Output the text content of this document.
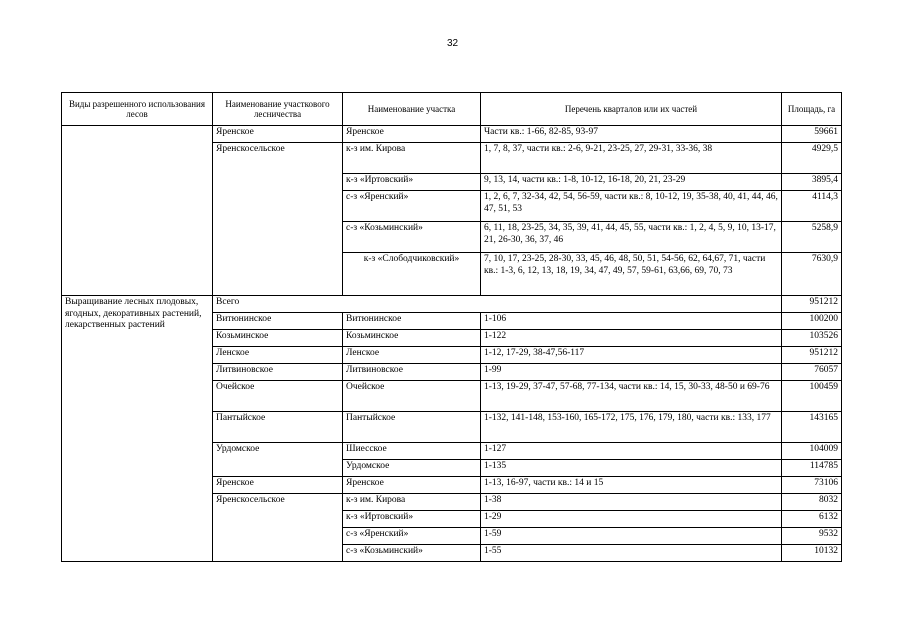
32
Виды разрешенного использования лесов	Наименование участкового лесничества	Наименование участка	Перечень кварталов или их частей	Площадь, га
	Яренское	Яренское	Части кв.: 1-66, 82-85, 93-97	59661
	Яренскосельское	к-з им. Кирова	1, 7, 8, 37, части кв.: 2-6, 9-21, 23-25, 27, 29-31, 33-36, 38	4929,5
		к-з «Иртовский»	9, 13, 14, части кв.: 1-8, 10-12, 16-18, 20, 21, 23-29	3895,4
		с-з «Яренский»	1, 2, 6, 7, 32-34, 42, 54, 56-59, части кв.: 8, 10-12, 19, 35-38, 40, 41, 44, 46, 47, 51, 53	4114,3
		с-з «Козьминский»	6, 11, 18, 23-25, 34, 35, 39, 41, 44, 45, 55, части кв.: 1, 2, 4, 5, 9, 10, 13-17, 21, 26-30, 36, 37, 46	5258,9
		к-з «Слободчиковский»	7, 10, 17, 23-25, 28-30, 33, 45, 46, 48, 50, 51, 54-56, 62, 64,67, 71, части кв.: 1-3, 6, 12, 13, 18, 19, 34, 47, 49, 57, 59-61, 63,66, 69, 70, 73	7630,9
Выращивание лесных плодовых, ягодных, декоративных растений, лекарственных растений	Всего			951212
	Витюнинское	Витюнинское	1-106	100200
	Козьминское	Козьминское	1-122	103526
	Ленское	Ленское	1-12, 17-29, 38-47,56-117	951212
	Литвиновское	Литвиновское	1-99	76057
	Очейское	Очейское	1-13, 19-29, 37-47, 57-68, 77-134, части кв.: 14, 15, 30-33, 48-50 и 69-76	100459
	Пантыйское	Пантыйское	1-132, 141-148, 153-160, 165-172, 175, 176, 179, 180, части кв.: 133, 177	143165
	Урдомское	Шиесское	1-127	104009
		Урдомское	1-135	114785
	Яренское	Яренское	1-13, 16-97, части кв.: 14 и 15	73106
	Яренскосельское	к-з им. Кирова	1-38	8032
		к-з «Иртовский»	1-29	6132
		с-з «Яренский»	1-59	9532
		с-з «Козьминский»	1-55	10132
